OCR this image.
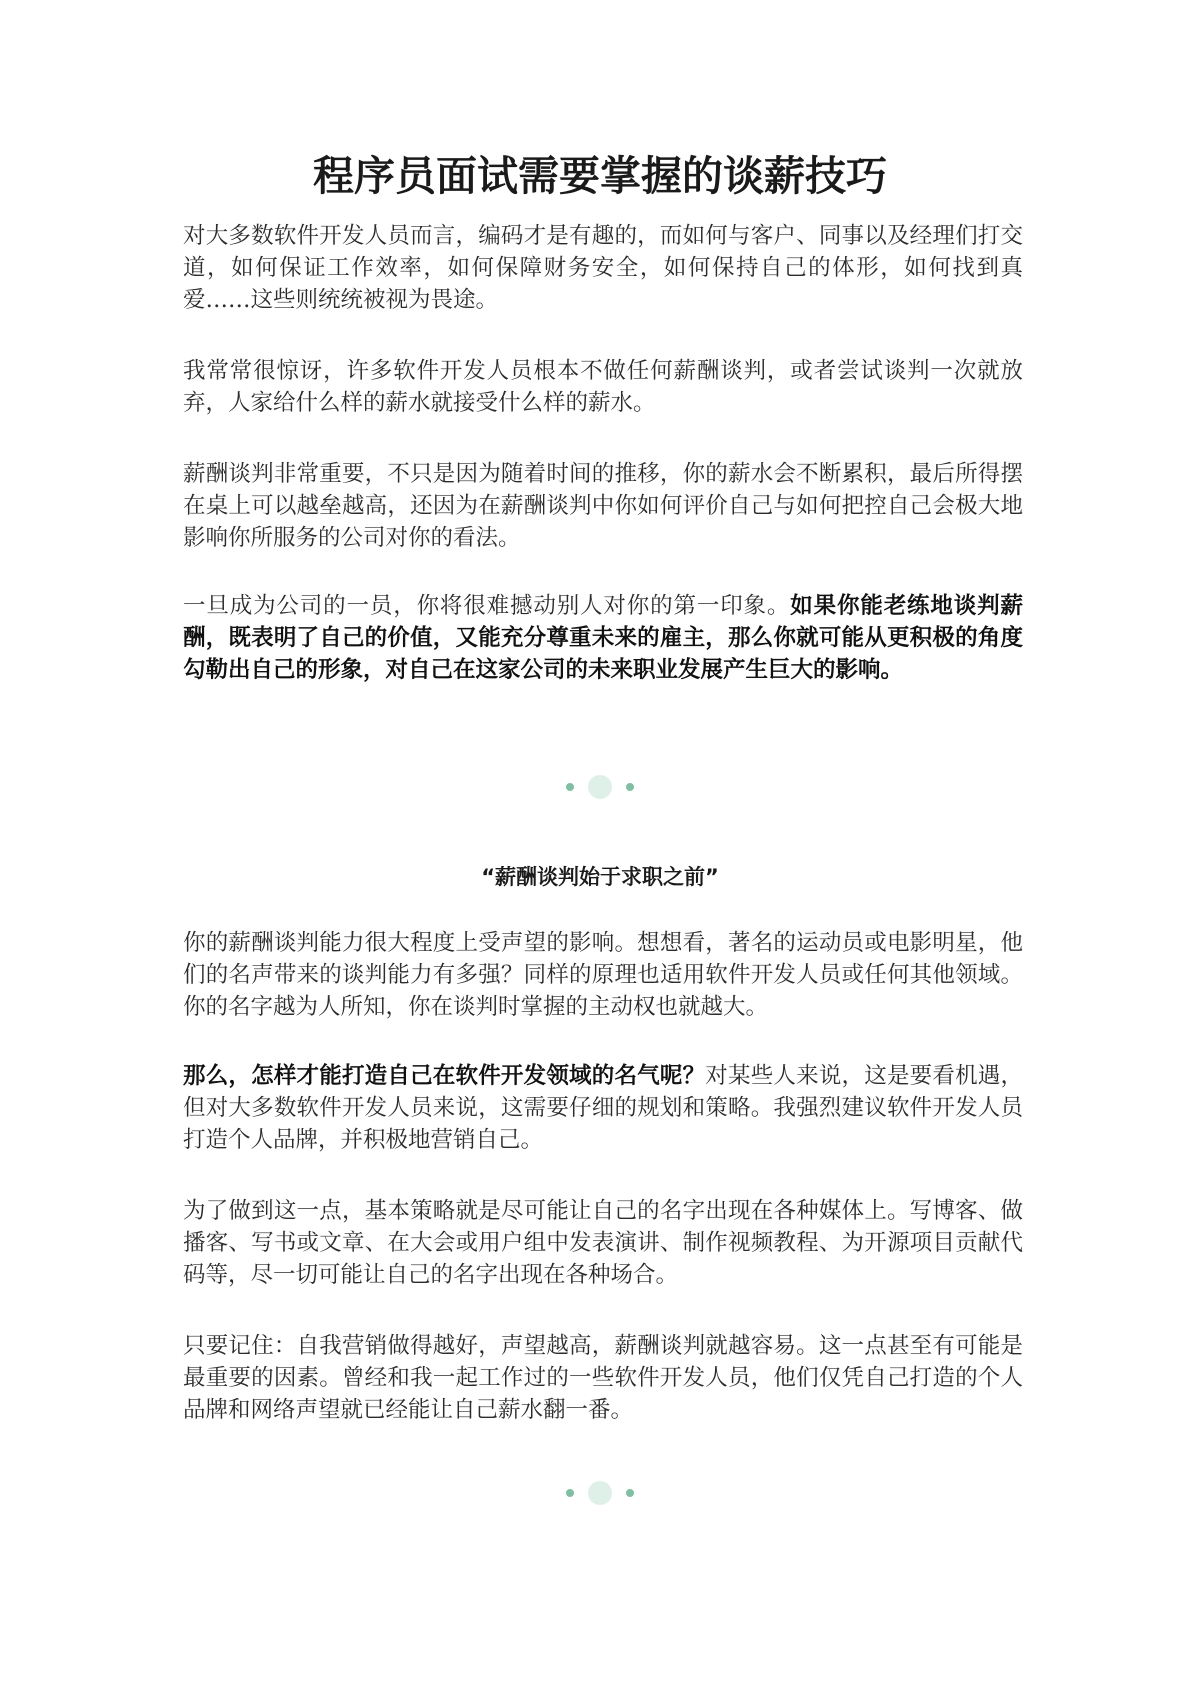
程序员面试需要掌握的谈薪技巧

对大多数软件开发人员而言，编码才是有趣的，而如何与客户、同事以及经理们打交道，如何保证工作效率，如何保障财务安全，如何保持自己的体形，如何找到真爱……这些则统统被视为畏途。

我常常很惊讶，许多软件开发人员根本不做任何薪酬谈判，或者尝试谈判一次就放弃，人家给什么样的薪水就接受什么样的薪水。

薪酬谈判非常重要，不只是因为随着时间的推移，你的薪水会不断累积，最后所得摆在桌上可以越垒越高，还因为在薪酬谈判中你如何评价自己与如何把控自己会极大地影响你所服务的公司对你的看法。

一旦成为公司的一员，你将很难撼动别人对你的第一印象。如果你能老练地谈判薪酬，既表明了自己的价值，又能充分尊重未来的雇主，那么你就可能从更积极的角度勾勒出自己的形象，对自己在这家公司的未来职业发展产生巨大的影响。

“薪酬谈判始于求职之前”

你的薪酬谈判能力很大程度上受声望的影响。想想看，著名的运动员或电影明星，他们的名声带来的谈判能力有多强？同样的原理也适用软件开发人员或任何其他领域。你的名字越为人所知，你在谈判时掌握的主动权也就越大。

那么，怎样才能打造自己在软件开发领域的名气呢？对某些人来说，这是要看机遇，但对大多数软件开发人员来说，这需要仔细的规划和策略。我强烈建议软件开发人员打造个人品牌，并积极地营销自己。

为了做到这一点，基本策略就是尽可能让自己的名字出现在各种媒体上。写博客、做播客、写书或文章、在大会或用户组中发表演讲、制作视频教程、为开源项目贡献代码等，尽一切可能让自己的名字出现在各种场合。

只要记住：自我营销做得越好，声望越高，薪酬谈判就越容易。这一点甚至有可能是最重要的因素。曾经和我一起工作过的一些软件开发人员，他们仅凭自己打造的个人品牌和网络声望就已经能让自己薪水翻一番。
